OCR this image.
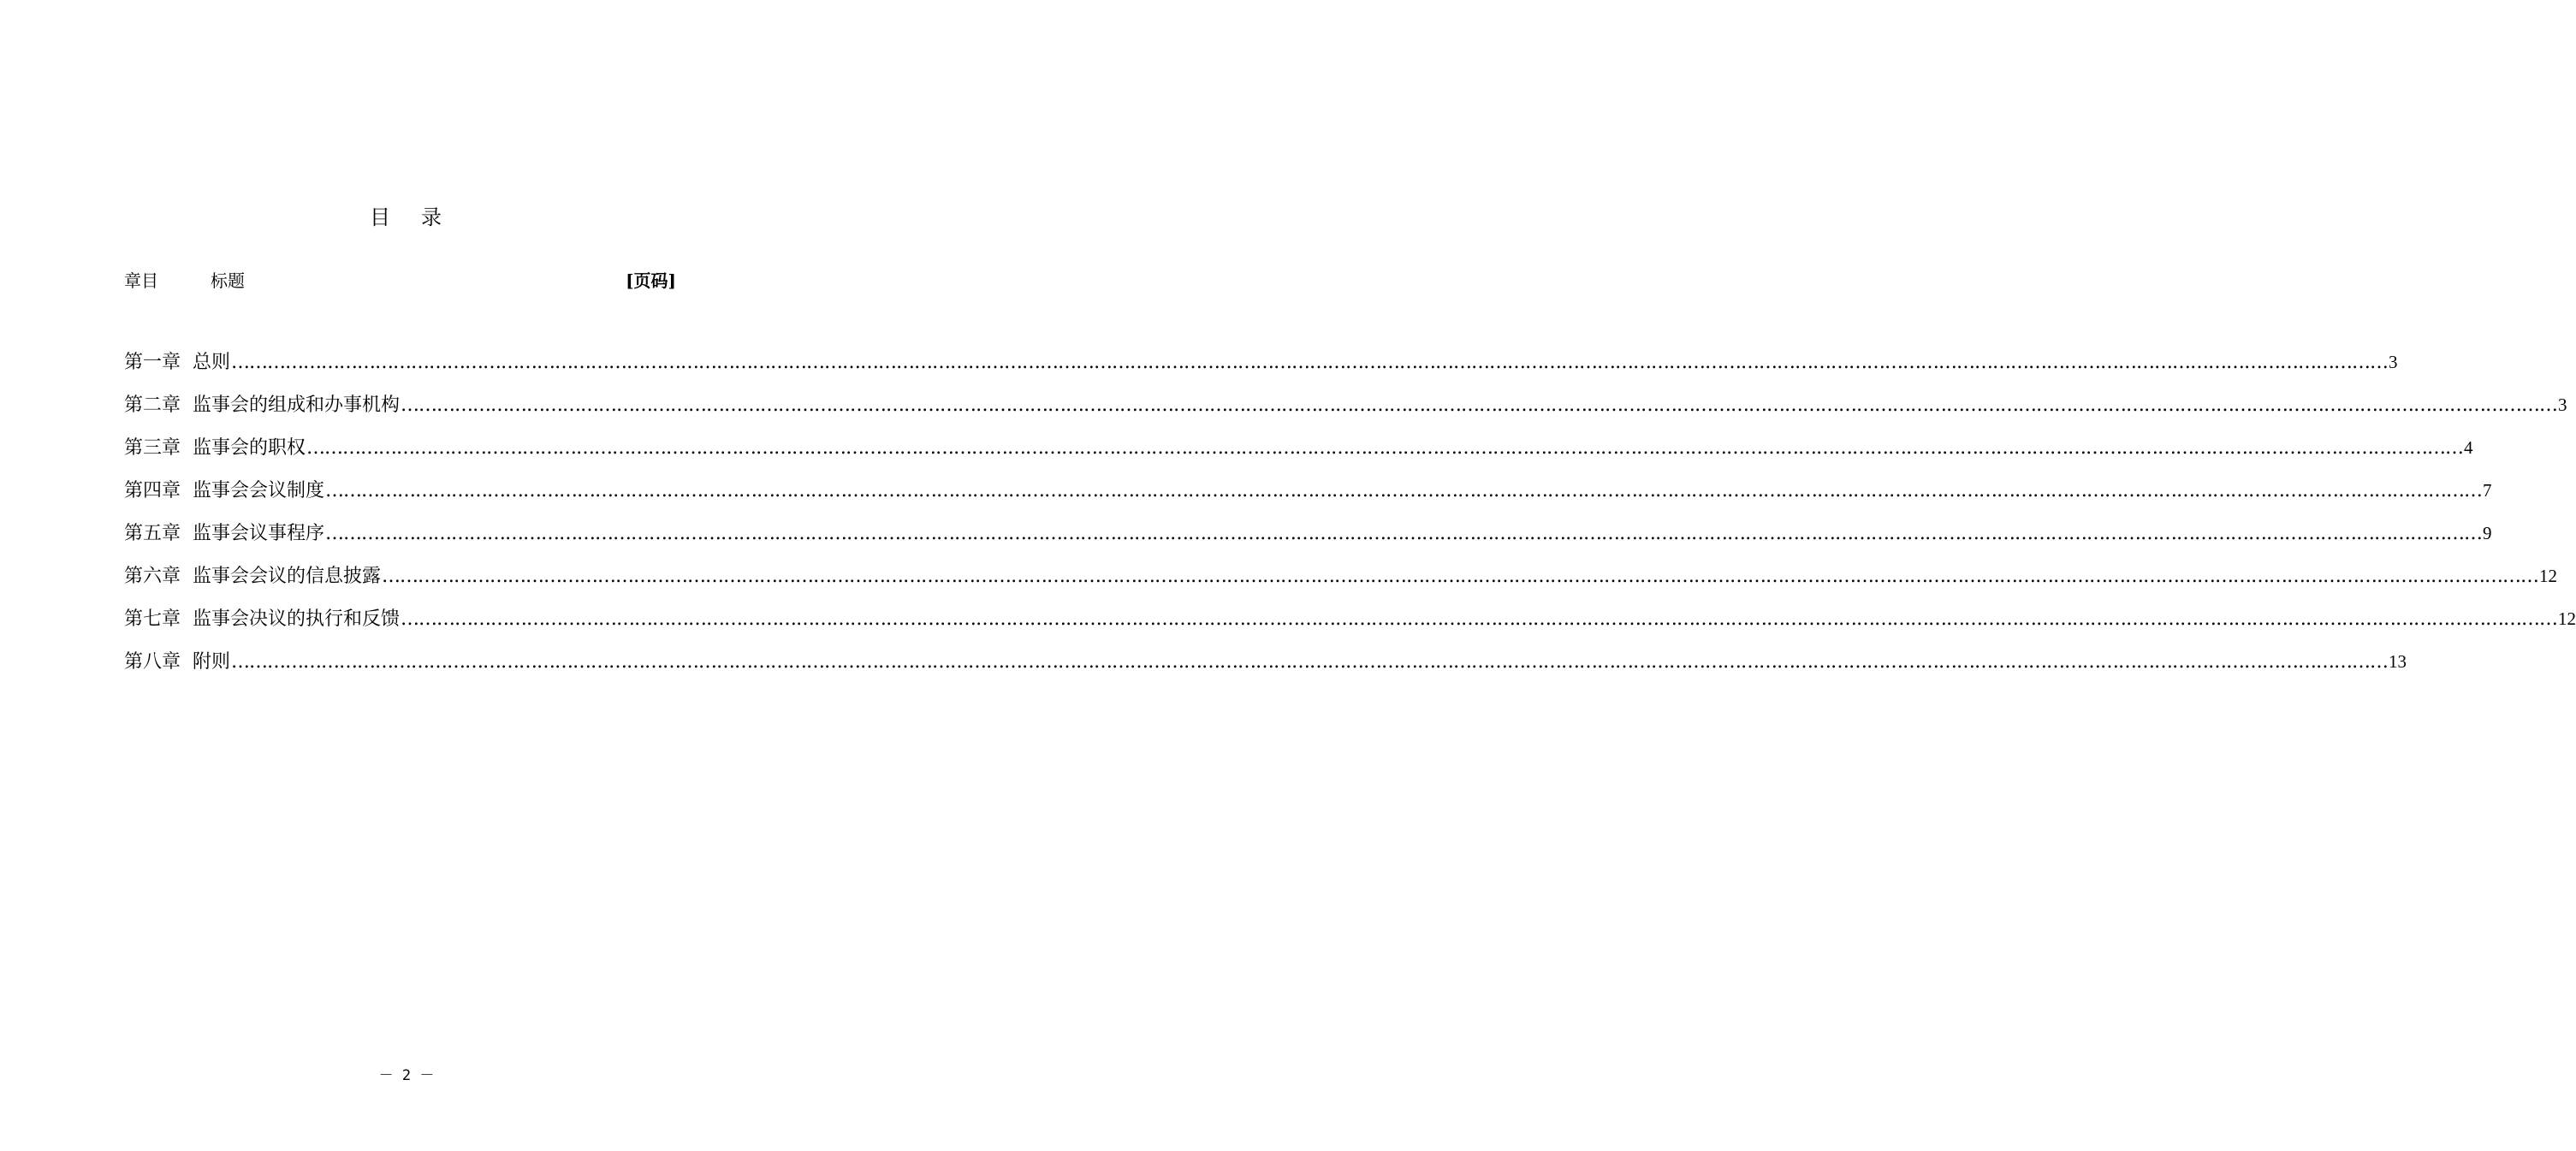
目 录
章目	标题	[页码]
第一章 总则 ……………………………………………………………………………………………………………………………………………………………………………………………………………………………………………………………………………………………………………………………… 3
第二章 监事会的组成和办事机构 ……………………………………………………………………………………………………………………………………………………………………………………………………………………………………………………………………………………………………………………………… 3
第三章 监事会的职权 ……………………………………………………………………………………………………………………………………………………………………………………………………………………………………………………………………………………………………………………………… 4
第四章 监事会会议制度 ……………………………………………………………………………………………………………………………………………………………………………………………………………………………………………………………………………………………………………………………… 7
第五章 监事会议事程序 ……………………………………………………………………………………………………………………………………………………………………………………………………………………………………………………………………………………………………………………………… 9
第六章 监事会会议的信息披露 ……………………………………………………………………………………………………………………………………………………………………………………………………………………………………………………………………………………………………………………………… 12
第七章 监事会决议的执行和反馈 ……………………………………………………………………………………………………………………………………………………………………………………………………………………………………………………………………………………………………………………………… 12
第八章 附则 ……………………………………………………………………………………………………………………………………………………………………………………………………………………………………………………………………………………………………………………………… 13
－ 2 －
